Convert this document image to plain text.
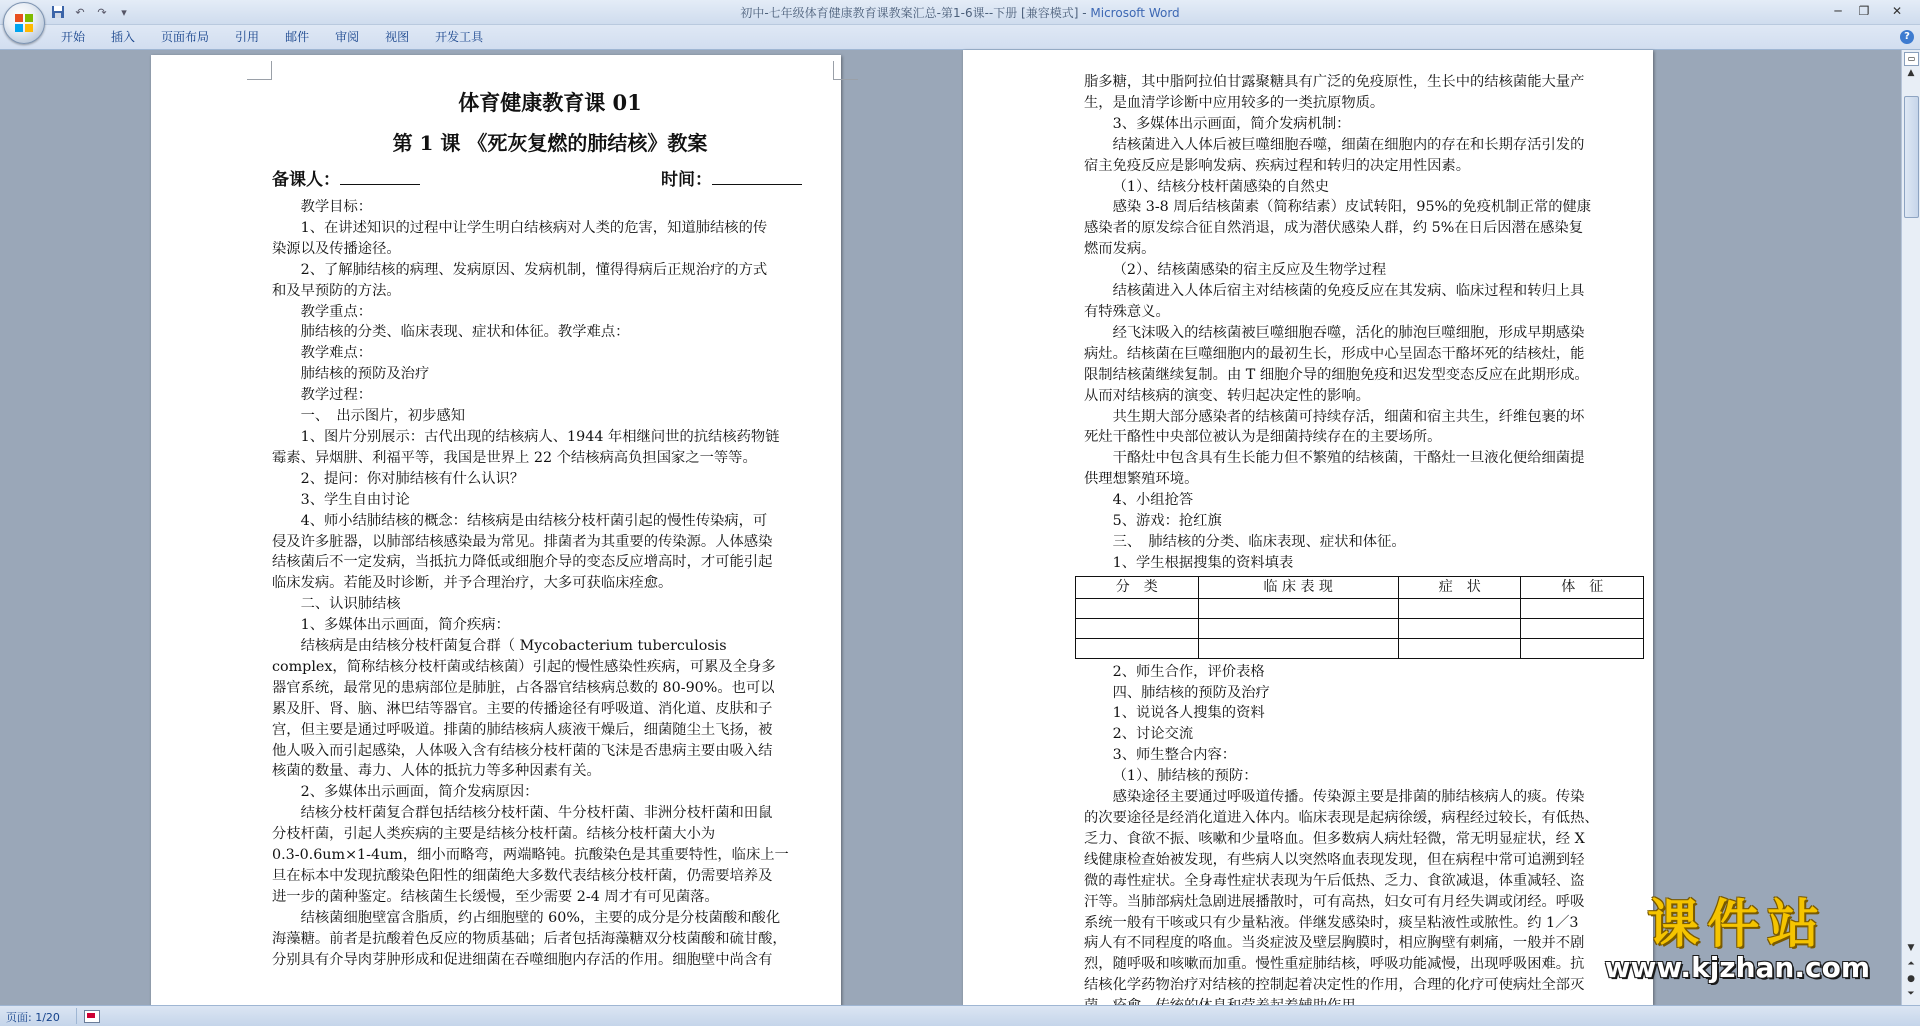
↶	↷	▾	初中-七年级体育健康教育课教案汇总-第1-6课--下册 [兼容模式] - Microsoft Word	─	❐	✕
开始	插入	页面布局	引用	邮件	审阅	视图	开发工具	?
体育健康教育课 01
第 1 课 《死灰复燃的肺结核》教案
备课人：	时间：

教学目标：

1、在讲述知识的过程中让学生明白结核病对人类的危害，知道肺结核的传

染源以及传播途径。

2、了解肺结核的病理、发病原因、发病机制，懂得得病后正规治疗的方式

和及早预防的方法。

教学重点：

肺结核的分类、临床表现、症状和体征。教学难点：

教学难点：

肺结核的预防及治疗

教学过程：

一、　出示图片，初步感知

1、图片分别展示：古代出现的结核病人、1944 年相继问世的抗结核药物链

霉素、异烟肼、利福平等，我国是世界上 22 个结核病高负担国家之一等等。

2、提问：你对肺结核有什么认识？

3、学生自由讨论

4、师小结肺结核的概念：结核病是由结核分枝杆菌引起的慢性传染病，可

侵及许多脏器，以肺部结核感染最为常见。排菌者为其重要的传染源。人体感染

结核菌后不一定发病，当抵抗力降低或细胞介导的变态反应增高时，才可能引起

临床发病。若能及时诊断，并予合理治疗，大多可获临床痊愈。

二、认识肺结核

1、多媒体出示画面，简介疾病：

结核病是由结核分枝杆菌复合群（ Mycobacterium tuberculosis

complex，简称结核分枝杆菌或结核菌）引起的慢性感染性疾病，可累及全身多

器官系统，最常见的患病部位是肺脏，占各器官结核病总数的 80-90%。也可以

累及肝、肾、脑、淋巴结等器官。主要的传播途径有呼吸道、消化道、皮肤和子

宫，但主要是通过呼吸道。排菌的肺结核病人痰液干燥后，细菌随尘土飞扬，被

他人吸入而引起感染，人体吸入含有结核分枝杆菌的飞沫是否患病主要由吸入结

核菌的数量、毒力、人体的抵抗力等多种因素有关。

2、多媒体出示画面，简介发病原因：

结核分枝杆菌复合群包括结核分枝杆菌、牛分枝杆菌、非洲分枝杆菌和田鼠

分枝杆菌，引起人类疾病的主要是结核分枝杆菌。结核分枝杆菌大小为

0.3-0.6um×1-4um，细小而略弯，两端略钝。抗酸染色是其重要特性，临床上一

旦在标本中发现抗酸染色阳性的细菌绝大多数代表结核分枝杆菌，仍需要培养及

进一步的菌种鉴定。结核菌生长缓慢，至少需要 2-4 周才有可见菌落。

结核菌细胞壁富含脂质，约占细胞壁的 60%，主要的成分是分枝菌酸和酸化

海藻糖。前者是抗酸着色反应的物质基础；后者包括海藻糖双分枝菌酸和硫甘酸，

分别具有介导肉芽肿形成和促进细菌在吞噬细胞内存活的作用。细胞壁中尚含有

脂多糖，其中脂阿拉伯甘露聚糖具有广泛的免疫原性，生长中的结核菌能大量产

生，是血清学诊断中应用较多的一类抗原物质。

3、多媒体出示画面，简介发病机制：

结核菌进入人体后被巨噬细胞吞噬，细菌在细胞内的存在和长期存活引发的

宿主免疫反应是影响发病、疾病过程和转归的决定用性因素。

（1）、结核分枝杆菌感染的自然史

感染 3-8 周后结核菌素（简称结素）皮试转阳，95%的免疫机制正常的健康

感染者的原发综合征自然消退，成为潜伏感染人群，约 5%在日后因潜在感染复

燃而发病。

（2）、结核菌感染的宿主反应及生物学过程

结核菌进入人体后宿主对结核菌的免疫反应在其发病、临床过程和转归上具

有特殊意义。

经飞沫吸入的结核菌被巨噬细胞吞噬，活化的肺泡巨噬细胞，形成早期感染

病灶。结核菌在巨噬细胞内的最初生长，形成中心呈固态干酪坏死的结核灶，能

限制结核菌继续复制。由 T 细胞介导的细胞免疫和迟发型变态反应在此期形成。

从而对结核病的演变、转归起决定性的影响。

共生期大部分感染者的结核菌可持续存活，细菌和宿主共生，纤维包裹的坏

死灶干酪性中央部位被认为是细菌持续存在的主要场所。

干酪灶中包含具有生长能力但不繁殖的结核菌，干酪灶一旦液化便给细菌提

供理想繁殖环境。

4、小组抢答

5、游戏：抢红旗

三、　肺结核的分类、临床表现、症状和体征。

1、学生根据搜集的资料填表

分　类	临 床 表 现	症　状	体　征

2、师生合作，评价表格

四、肺结核的预防及治疗

1、说说各人搜集的资料

2、讨论交流

3、师生整合内容：

（1）、肺结核的预防：

感染途径主要通过呼吸道传播。传染源主要是排菌的肺结核病人的痰。传染

的次要途径是经消化道进入体内。临床表现是起病徐缓，病程经过较长，有低热、

乏力、食欲不振、咳嗽和少量咯血。但多数病人病灶轻微，常无明显症状，经 X

线健康检查始被发现，有些病人以突然咯血表现发现，但在病程中常可追溯到轻

微的毒性症状。全身毒性症状表现为午后低热、乏力、食欲减退，体重减轻、盗

汗等。当肺部病灶急剧进展播散时，可有高热，妇女可有月经失调或闭经。呼吸

系统一般有干咳或只有少量粘液。伴继发感染时，痰呈粘液性或脓性。约 1／3

病人有不同程度的咯血。当炎症波及壁层胸膜时，相应胸壁有刺痛，一般并不剧

烈，随呼吸和咳嗽而加重。慢性重症肺结核，呼吸功能减慢，出现呼吸困难。抗

结核化学药物治疗对结核的控制起着决定性的作用，合理的化疗可使病灶全部灭

课件站
www.kjzhan.com
▭
▲
▼
⏶
●
⏷
页面: 1/20
